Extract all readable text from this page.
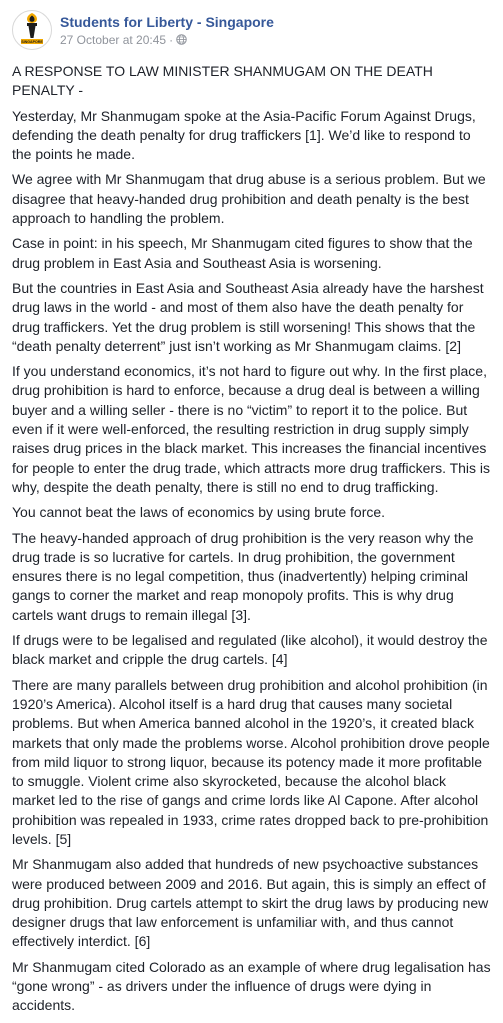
SINGAPORE
Students for Liberty - Singapore
27 October at 20:45 ·

A RESPONSE TO LAW MINISTER SHANMUGAM ON THE DEATH PENALTY -

Yesterday, Mr Shanmugam spoke at the Asia-Pacific Forum Against Drugs, defending the death penalty for drug traffickers [1]. We’d like to respond to the points he made.

We agree with Mr Shanmugam that drug abuse is a serious problem. But we disagree that heavy-handed drug prohibition and death penalty is the best approach to handling the problem.

Case in point: in his speech, Mr Shanmugam cited figures to show that the drug problem in East Asia and Southeast Asia is worsening.

But the countries in East Asia and Southeast Asia already have the harshest drug laws in the world - and most of them also have the death penalty for drug traffickers. Yet the drug problem is still worsening! This shows that the “death penalty deterrent” just isn’t working as Mr Shanmugam claims. [2]

If you understand economics, it’s not hard to figure out why. In the first place, drug prohibition is hard to enforce, because a drug deal is between a willing buyer and a willing seller - there is no “victim” to report it to the police. But even if it were well-enforced, the resulting restriction in drug supply simply raises drug prices in the black market. This increases the financial incentives for people to enter the drug trade, which attracts more drug traffickers. This is why, despite the death penalty, there is still no end to drug trafficking.

You cannot beat the laws of economics by using brute force.

The heavy-handed approach of drug prohibition is the very reason why the drug trade is so lucrative for cartels. In drug prohibition, the government ensures there is no legal competition, thus (inadvertently) helping criminal gangs to corner the market and reap monopoly profits. This is why drug cartels want drugs to remain illegal [3].

If drugs were to be legalised and regulated (like alcohol), it would destroy the black market and cripple the drug cartels. [4]

There are many parallels between drug prohibition and alcohol prohibition (in 1920’s America). Alcohol itself is a hard drug that causes many societal problems. But when America banned alcohol in the 1920’s, it created black markets that only made the problems worse. Alcohol prohibition drove people from mild liquor to strong liquor, because its potency made it more profitable to smuggle. Violent crime also skyrocketed, because the alcohol black market led to the rise of gangs and crime lords like Al Capone. After alcohol prohibition was repealed in 1933, crime rates dropped back to pre-prohibition levels. [5]

Mr Shanmugam also added that hundreds of new psychoactive substances were produced between 2009 and 2016. But again, this is simply an effect of drug prohibition. Drug cartels attempt to skirt the drug laws by producing new designer drugs that law enforcement is unfamiliar with, and thus cannot effectively interdict. [6]

Mr Shanmugam cited Colorado as an example of where drug legalisation has “gone wrong” - as drivers under the influence of drugs were dying in accidents.
